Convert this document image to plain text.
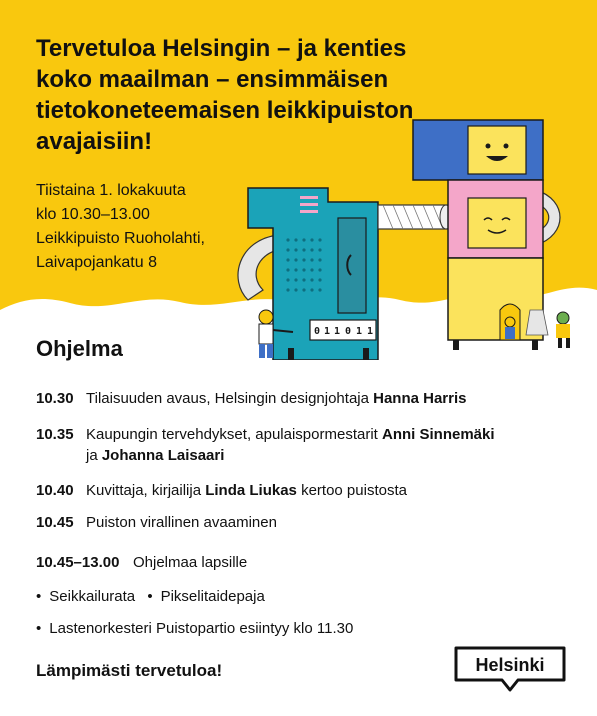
Tervetuloa Helsingin – ja kenties koko maailman – ensimmäisen tietokoneteemaisen leikkipuiston avajaisiin!
Tiistaina 1. lokakuuta
klo 10.30–13.00
Leikkipuisto Ruoholahti,
Laivapojankatu 8
0 1 1 0 1 1
Ohjelma
10.30 Tilaisuuden avaus, Helsingin designjohtaja Hanna Harris
10.35 Kaupungin tervehdykset, apulaispormestarit Anni Sinnemäki
ja Johanna Laisaari
10.40 Kuvittaja, kirjailija Linda Liukas kertoo puistosta
10.45 Puiston virallinen avaaminen
10.45–13.00 Ohjelmaa lapsille
• Seikkailurata • Pikselitaidepaja
• Lastenorkesteri Puistopartio esiintyy klo 11.30

Lämpimästi tervetuloa!	Helsinki
